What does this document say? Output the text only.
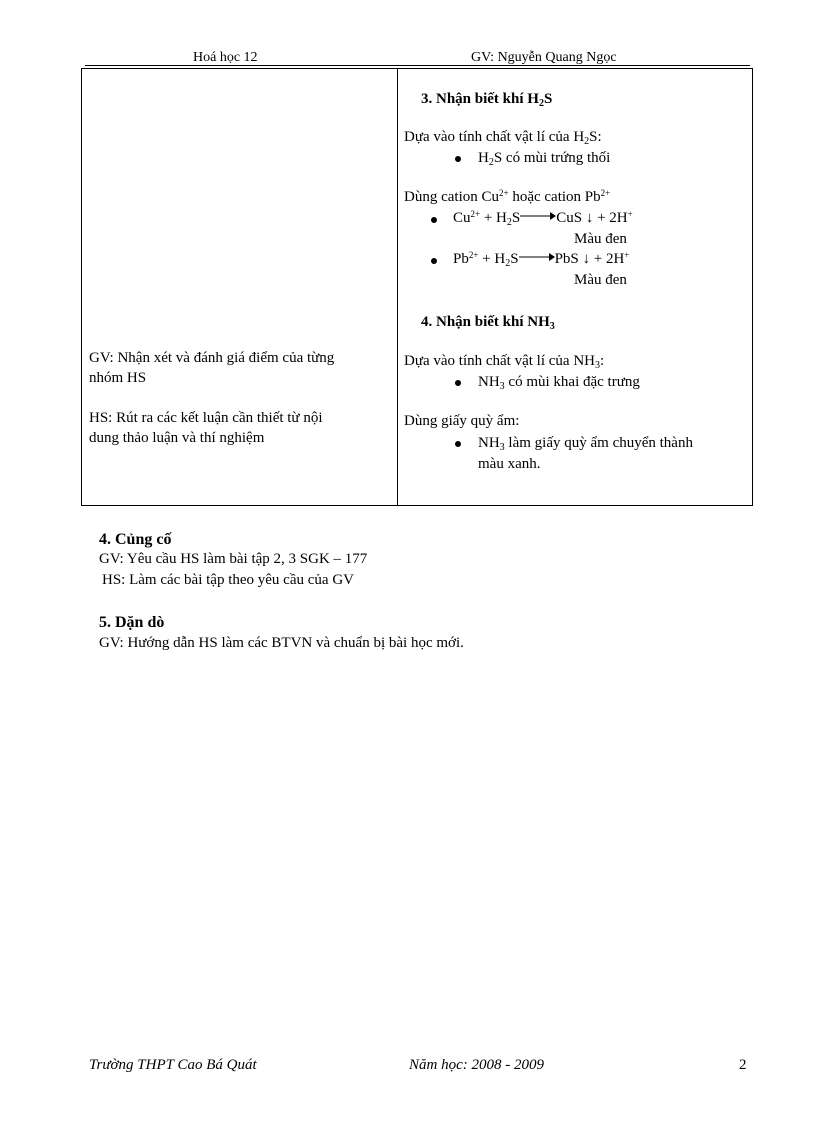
Hoá học 12	GV: Nguyễn Quang Ngọc
GV: Nhận xét và đánh giá điểm của từng
nhóm HS
HS: Rút ra các kết luận cần thiết từ nội
dung thảo luận và thí nghiệm
3. Nhận biết khí $H_2S$
Dựa vào tính chất vật lí của $H_2S$:
$H_2S$ có mùi trứng thối
Dùng cation $Cu^{2+}$ hoặc cation $Pb^{2+}$
$Cu^{2+} + H_2S\to CuS$ ↓ + 2H+
Màu đen
$Pb^{2+} + H_2S\to PbS$ ↓ + 2H+
Màu đen
4. Nhận biết khí $NH_3$
Dựa vào tính chất vật lí của $NH_3$:
$NH_3$ có mùi khai đặc trưng
Dùng giấy quỳ ẩm:
$NH_3$ làm giấy quỳ ẩm chuyển thành
màu xanh.
4. Củng cố
GV: Yêu cầu HS làm bài tập 2, 3 SGK – 177
HS: Làm các bài tập theo yêu cầu của GV
5. Dặn dò
GV: Hướng dẫn HS làm các BTVN và chuẩn bị bài học mới.
Trường THPT Cao Bá Quát	Năm học: 2008 - 2009	2
